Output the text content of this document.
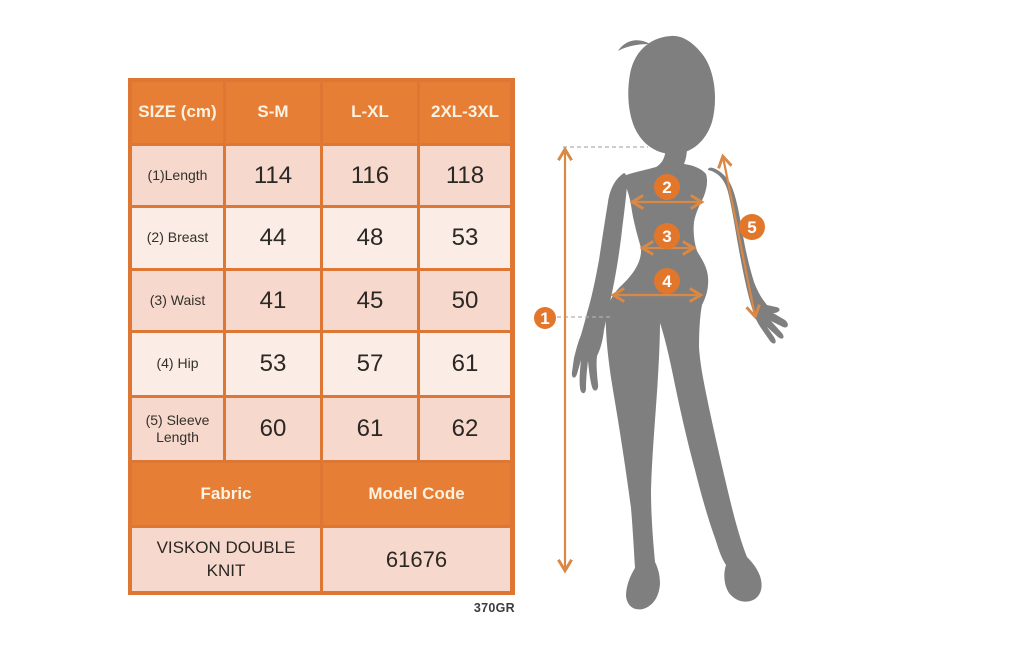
SIZE (cm)	S-M	L-XL	2XL-3XL
(1)Length	114	116	118
(2) Breast	44	48	53
(3) Waist	41	45	50
(4) Hip	53	57	61
(5) Sleeve Length	60	61	62
Fabric	Model Code
VISKON DOUBLE KNIT	61676
370GR
1
2
3
4
5
